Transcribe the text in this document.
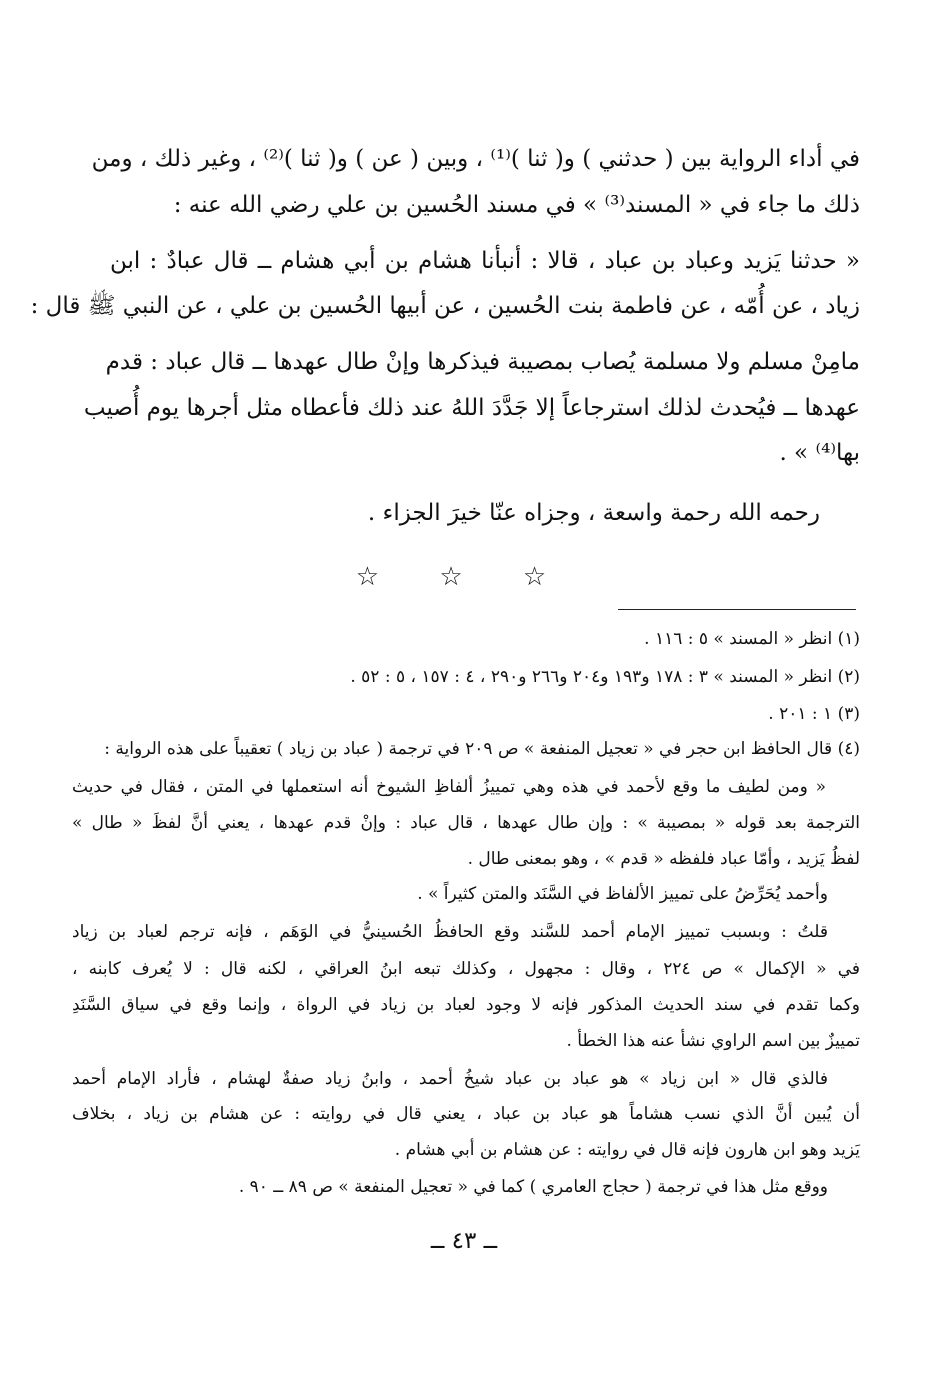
في أداء الرواية بين ( حدثني ) و( ثنا )⁽¹⁾ ، وبين ( عن ) و( ثنا )⁽²⁾ ، وغير ذلك ، ومن
ذلك ما جاء في « المسند⁽³⁾ » في مسند الحُسين بن علي رضي الله عنه :
« حدثنا يَزيد وعباد بن عباد ، قالا : أنبأنا هشام بن أبي هشام ــ قال عبادٌ : ابن
زياد ، عن أُمّه ، عن فاطمة بنت الحُسين ، عن أبيها الحُسين بن علي ، عن النبي ﷺ قال :
مامِنْ مسلم ولا مسلمة يُصاب بمصيبة فيذكرها وإنْ طال عهدها ــ قال عباد : قدم
عهدها ــ فيُحدث لذلك استرجاعاً إلا جَدَّدَ اللهُ عند ذلك فأعطاه مثل أجرها يوم أُصيب
بها⁽⁴⁾ » .
رحمه الله رحمة واسعة ، وجزاه عنّا خيرَ الجزاء .
☆ ☆ ☆
(١) انظر « المسند » ٥ : ١١٦ .
(٢) انظر « المسند » ٣ : ١٧٨ و١٩٣ و٢٠٤ و٢٦٦ و٢٩٠ ، ٤ : ١٥٧ ، ٥ : ٥٢ .
(٣) ١ : ٢٠١ .
(٤) قال الحافظ ابن حجر في « تعجيل المنفعة » ص ٢٠٩ في ترجمة ( عباد بن زياد ) تعقيباً على هذه الرواية :
« ومن لطيف ما وقع لأحمد في هذه وهي تمييزُ ألفاظِ الشيوخ أنه استعملها في المتن ، فقال في حديث
الترجمة بعد قوله « بمصيبة » : وإن طال عهدها ، قال عباد : وإنْ قدم عهدها ، يعني أنَّ لفظَ « طال »
لفظُ يَزيد ، وأمّا عباد فلفظه « قدم » ، وهو بمعنى طال .
وأحمد يُحَرِّضُ على تمييز الألفاظ في السَّنَد والمتن كثيراً » .
قلتُ : وبسبب تمييز الإمام أحمد للسَّند وقع الحافظُ الحُسينيُّ في الوَهَم ، فإنه ترجم لعباد بن زياد
في « الإكمال » ص ٢٢٤ ، وقال : مجهول ، وكذلك تبعه ابنُ العراقي ، لكنه قال : لا يُعرف كابنه ،
وكما تقدم في سند الحديث المذكور فإنه لا وجود لعباد بن زياد في الرواة ، وإنما وقع في سياق السَّنَدِ
تمييزٌ بين اسم الراوي نشأ عنه هذا الخطأ .
فالذي قال « ابن زياد » هو عباد بن عباد شيخُ أحمد ، وابنُ زياد صفةٌ لهشام ، فأراد الإمام أحمد
أن يُبين أنَّ الذي نسب هشاماً هو عباد بن عباد ، يعني قال في روايته : عن هشام بن زياد ، بخلاف
يَزيد وهو ابن هارون فإنه قال في روايته : عن هشام بن أبي هشام .
ووقع مثل هذا في ترجمة ( حجاج العامري ) كما في « تعجيل المنفعة » ص ٨٩ ــ ٩٠ .
ــ ٤٣ ــ
